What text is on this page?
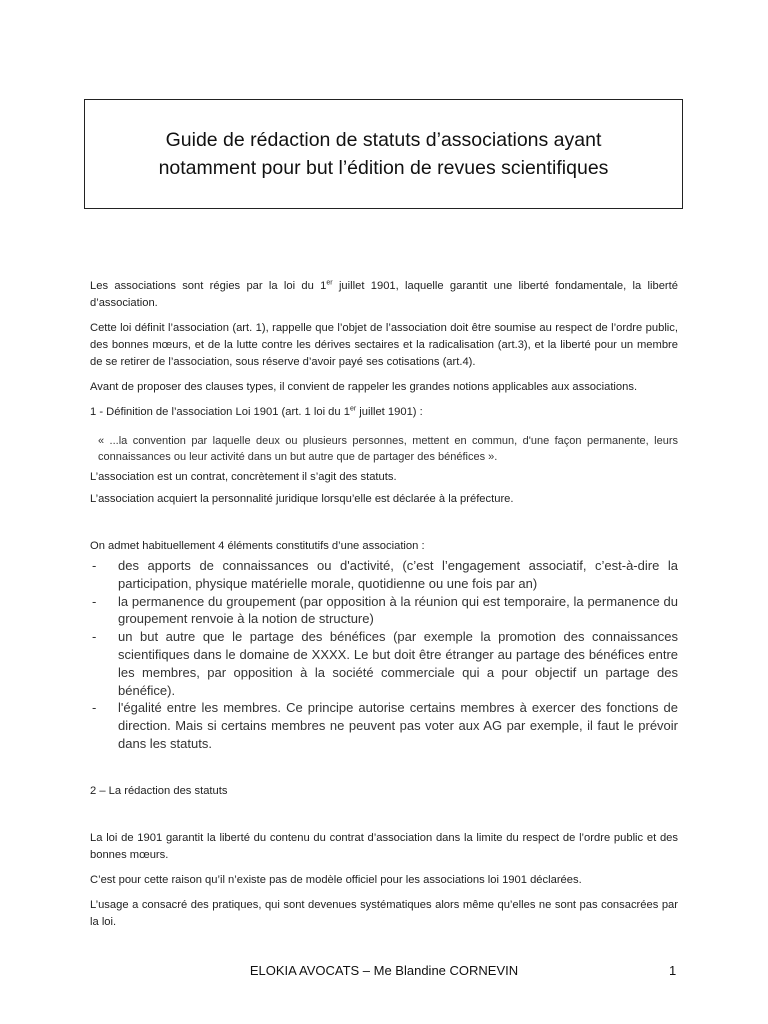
Guide de rédaction de statuts d’associations ayant
notamment pour but l’édition de revues scientifiques

Les associations sont régies par la loi du 1er juillet 1901, laquelle garantit une liberté fondamentale, la liberté d’association.

Cette loi définit l’association (art. 1), rappelle que l’objet de l’association doit être soumise au respect de l’ordre public, des bonnes mœurs, et de la lutte contre les dérives sectaires et la radicalisation (art.3), et la liberté pour un membre de se retirer de l’association, sous réserve d’avoir payé ses cotisations (art.4).

Avant de proposer des clauses types, il convient de rappeler les grandes notions applicables aux associations.

1 - Définition de l’association Loi 1901 (art. 1 loi du 1er juillet 1901) :

« ...la convention par laquelle deux ou plusieurs personnes, mettent en commun, d'une façon permanente, leurs connaissances ou leur activité dans un but autre que de partager des bénéfices ».

L’association est un contrat, concrètement il s’agit des statuts.

L’association acquiert la personnalité juridique lorsqu’elle est déclarée à la préfecture.

On admet habituellement 4 éléments constitutifs d’une association :

- des apports de connaissances ou d'activité, (c’est l’engagement associatif, c’est-à-dire la participation, physique matérielle morale, quotidienne ou une fois par an)
- la permanence du groupement (par opposition à la réunion qui est temporaire, la permanence du groupement renvoie à la notion de structure)
- un but autre que le partage des bénéfices (par exemple la promotion des connaissances scientifiques dans le domaine de XXXX. Le but doit être étranger au partage des bénéfices entre les membres, par opposition à la société commerciale qui a pour objectif un partage des bénéfice).
- l'égalité entre les membres. Ce principe autorise certains membres à exercer des fonctions de direction. Mais si certains membres ne peuvent pas voter aux AG par exemple, il faut le prévoir dans les statuts.

2 – La rédaction des statuts

La loi de 1901 garantit la liberté du contenu du contrat d’association dans la limite du respect de l’ordre public et des bonnes mœurs.

C’est pour cette raison qu’il n’existe pas de modèle officiel pour les associations loi 1901 déclarées.

L’usage a consacré des pratiques, qui sont devenues systématiques alors même qu’elles ne sont pas consacrées par la loi.

ELOKIA AVOCATS – Me Blandine CORNEVIN	1
